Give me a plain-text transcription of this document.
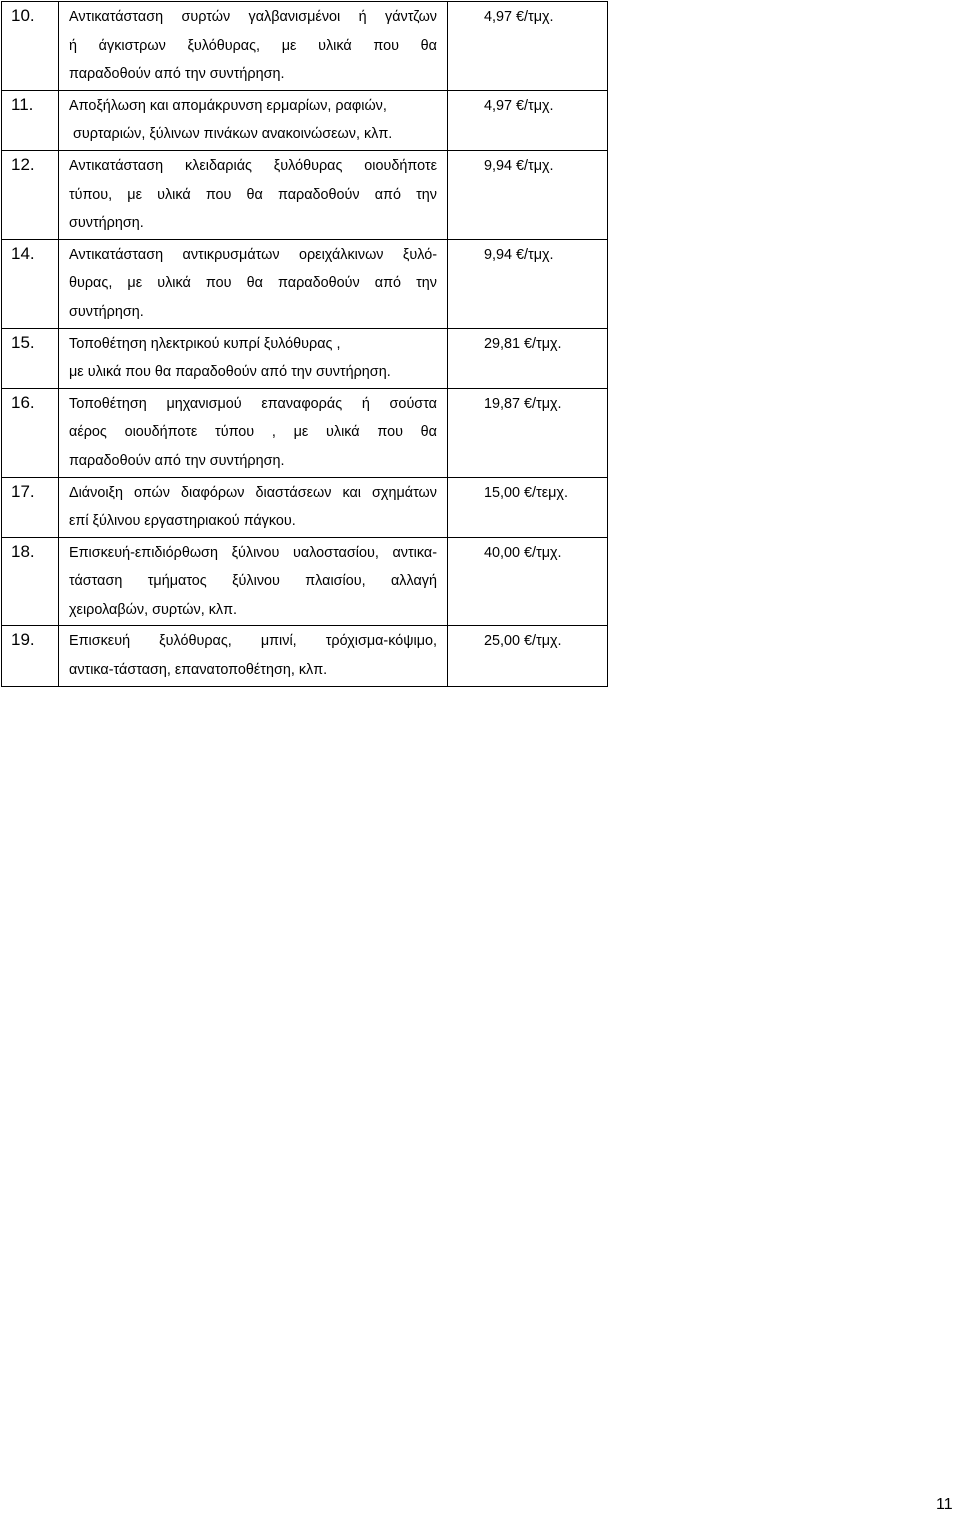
10.	Αντικατάσταση συρτών γαλβανισμένοι ή γάντζων
ή άγκιστρων ξυλόθυρας, με υλικά που θα
παραδοθούν από την συντήρηση.	4,97 €/τμχ.
11.	Αποξήλωση και απομάκρυνση ερμαρίων, ραφιών,
συρταριών, ξύλινων πινάκων ανακοινώσεων, κλπ.	4,97 €/τμχ.
12.	Αντικατάσταση κλειδαριάς ξυλόθυρας οιουδήποτε
τύπου, με υλικά που θα παραδοθούν από την
συντήρηση.	9,94 €/τμχ.
14.	Αντικατάσταση αντικρυσμάτων ορειχάλκινων ξυλό-
θυρας, με υλικά που θα παραδοθούν από την
συντήρηση.	9,94 €/τμχ.
15.	Τοποθέτηση ηλεκτρικού κυπρί ξυλόθυρας ,
με υλικά που θα παραδοθούν από την συντήρηση.	29,81 €/τμχ.
16.	Τοποθέτηση μηχανισμού επαναφοράς ή σούστα
αέρος οιουδήποτε τύπου , με υλικά που θα
παραδοθούν από την συντήρηση.	19,87 €/τμχ.
17.	Διάνοιξη οπών διαφόρων διαστάσεων και σχημάτων
επί ξύλινου εργαστηριακού πάγκου.	15,00 €/τεμχ.
18.	Επισκευή-επιδιόρθωση ξύλινου υαλοστασίου, αντικα-
τάσταση τμήματος ξύλινου πλαισίου, αλλαγή
χειρολαβών, συρτών, κλπ.	40,00 €/τμχ.
19.	Επισκευή ξυλόθυρας, μπινί, τρόχισμα-κόψιμο,
αντικα-τάσταση, επανατοποθέτηση, κλπ.	25,00 €/τμχ.
11
